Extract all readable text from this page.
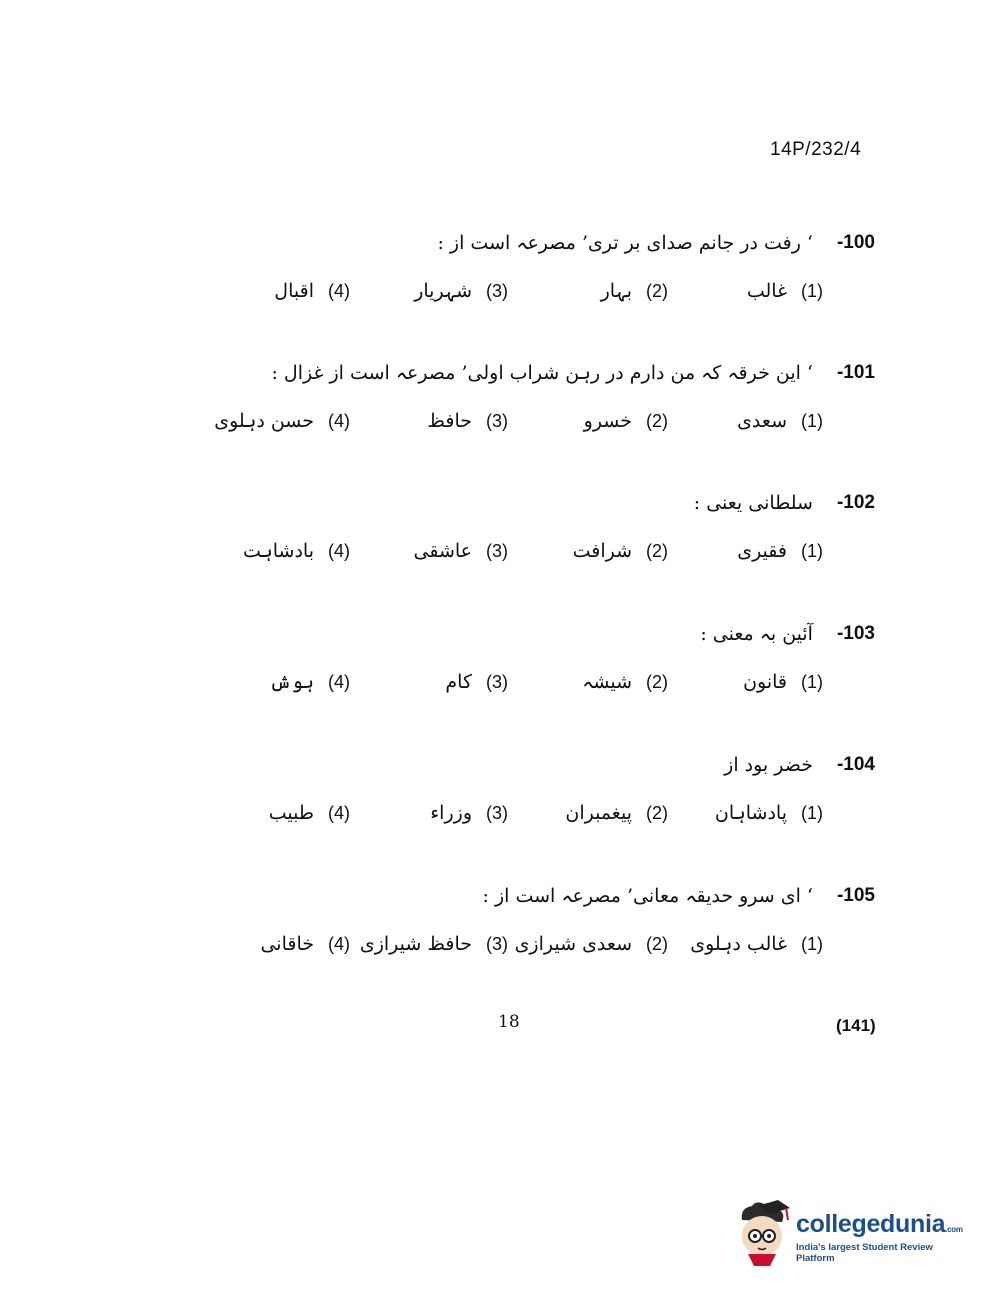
14P/232/4
-100
‘ رفت در جانم صدای بر تری’ مصرعہ است از :
(1)
غالب
(2)
بہار
(3)
شہریار
(4)
اقبال
-101
‘ این خرقہ کہ من دارم در رہن شراب اولی’ مصرعہ است از غزال :
(1)
سعدی
(2)
خسرو
(3)
حافظ
(4)
حسن دہلوی
-102
سلطانی یعنی :
(1)
فقیری
(2)
شرافت
(3)
عاشقی
(4)
بادشاہت
-103
آئین بہ معنی :
(1)
قانون
(2)
شیشہ
(3)
کام
(4)
ہوش
-104
خضر بود از
(1)
پادشاہان
(2)
پیغمبران
(3)
وزراء
(4)
طبیب
-105
‘ ای سرو حدیقہ معانی’ مصرعہ است از :
(1)
غالب دہلوی
(2)
سعدی شیرازی
(3)
حافظ شیرازی
(4)
خاقانی
18	(141)
collegedunia.com
India's largest Student Review Platform
